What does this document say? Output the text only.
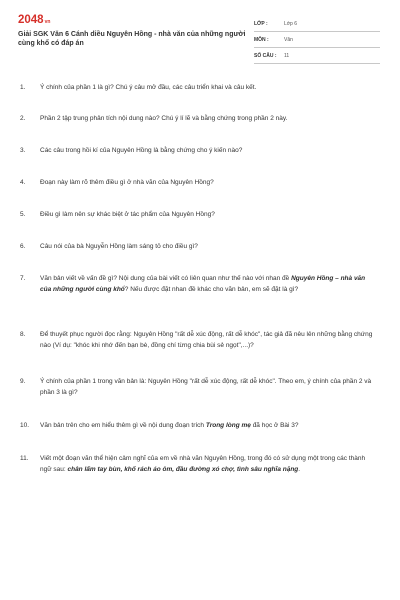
2048vn
Giải SGK Văn 6 Cánh diều Nguyên Hồng - nhà văn của những người cùng khổ có đáp án
LỚP :	Lớp 6
MÔN :	Văn
SỐ CÂU :	11
1.	Ý chính của phần 1 là gì? Chú ý câu mở đầu, các câu triển khai và câu kết.
2.	Phần 2 tập trung phân tích nội dung nào? Chú ý lí lẽ và bằng chứng trong phần 2 này.
3.	Các câu trong hồi kí của Nguyên Hồng là bằng chứng cho ý kiến nào?
4.	Đoạn này làm rõ thêm điều gì ở nhà văn của Nguyên Hồng?
5.	Điều gì làm nên sự khác biệt ở tác phẩm của Nguyên Hồng?
6.	Câu nói của bà Nguyễn Hồng làm sáng tỏ cho điều gì?
7.	Văn bản viết về vấn đề gì? Nội dung của bài viết có liên quan như thế nào với nhan đề Nguyên Hồng – nhà văn của những người cùng khổ? Nếu được đặt nhan đề khác cho văn bản, em sẽ đặt là gì?
8.	Để thuyết phục người đọc rằng: Nguyên Hồng "rất dễ xúc động, rất dễ khóc", tác giả đã nêu lên những bằng chứng nào (Ví dụ: "khóc khi nhớ đến bạn bè, đồng chí từng chia bùi sẻ ngọt",...)?
9.	Ý chính của phần 1 trong văn bản là: Nguyên Hồng "rất dễ xúc động, rất dễ khóc". Theo em, ý chính của phần 2 và phần 3 là gì?
10.	Văn bản trên cho em hiểu thêm gì về nội dung đoạn trích Trong lòng mẹ đã học ở Bài 3?
11.	Viết một đoạn văn thể hiện cảm nghĩ của em về nhà văn Nguyên Hồng, trong đó có sử dụng một trong các thành ngữ sau: chân lấm tay bùn, khố rách áo ôm, đầu đường xó chợ, tình sâu nghĩa nặng.
